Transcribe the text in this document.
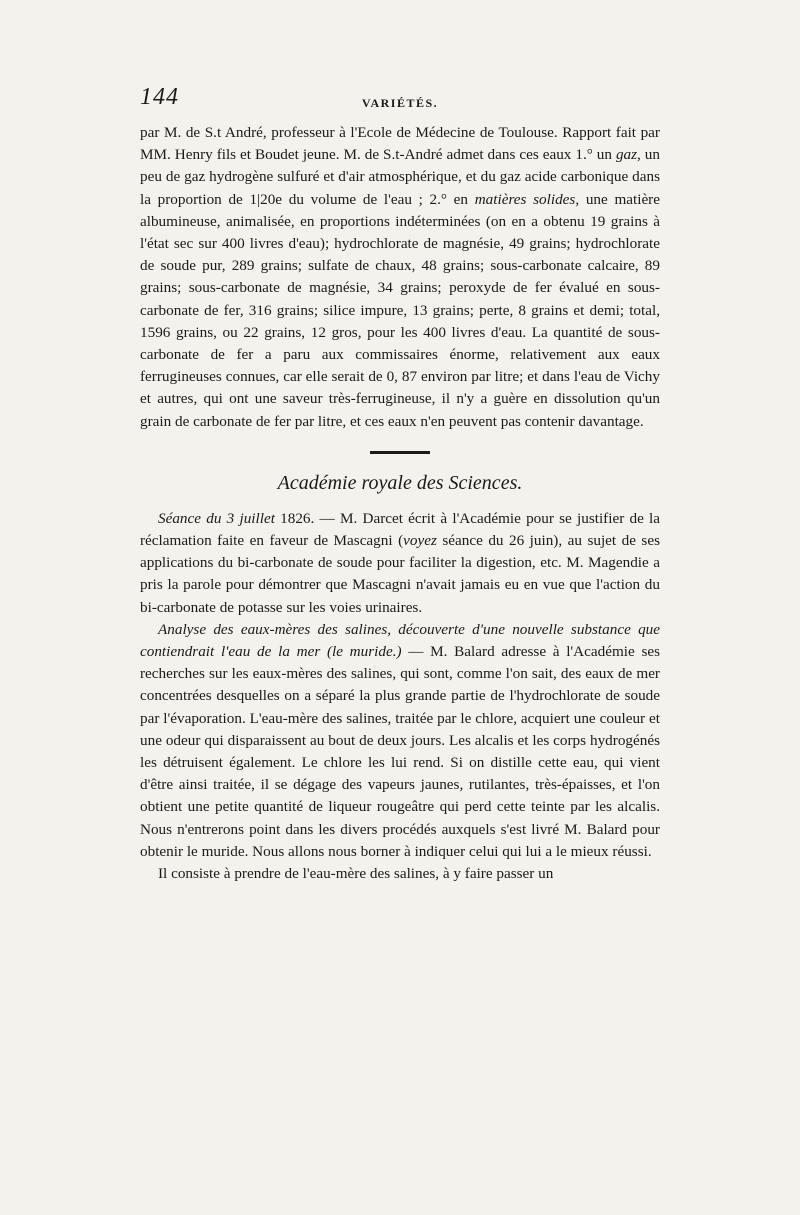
144	VARIÉTÉS.

par M. de S.t André, professeur à l'Ecole de Médecine de Toulouse. Rapport fait par MM. Henry fils et Boudet jeune. M. de S.t-André admet dans ces eaux 1.° un gaz, un peu de gaz hydrogène sulfuré et d'air atmosphérique, et du gaz acide carbonique dans la proportion de 1|20e du volume de l'eau ; 2.° en matières solides, une matière albumineuse, animalisée, en proportions indéterminées (on en a obtenu 19 grains à l'état sec sur 400 livres d'eau); hydrochlorate de magnésie, 49 grains; hydrochlorate de soude pur, 289 grains; sulfate de chaux, 48 grains; sous-carbonate calcaire, 89 grains; sous-carbonate de magnésie, 34 grains; peroxyde de fer évalué en sous-carbonate de fer, 316 grains; silice impure, 13 grains; perte, 8 grains et demi; total, 1596 grains, ou 22 grains, 12 gros, pour les 400 livres d'eau. La quantité de sous-carbonate de fer a paru aux commissaires énorme, relativement aux eaux ferrugineuses connues, car elle serait de 0, 87 environ par litre; et dans l'eau de Vichy et autres, qui ont une saveur très-ferrugineuse, il n'y a guère en dissolution qu'un grain de carbonate de fer par litre, et ces eaux n'en peuvent pas contenir davantage.

Académie royale des Sciences.

Séance du 3 juillet 1826. — M. Darcet écrit à l'Académie pour se justifier de la réclamation faite en faveur de Mascagni (voyez séance du 26 juin), au sujet de ses applications du bi-carbonate de soude pour faciliter la digestion, etc. M. Magendie a pris la parole pour démontrer que Mascagni n'avait jamais eu en vue que l'action du bi-carbonate de potasse sur les voies urinaires.

Analyse des eaux-mères des salines, découverte d'une nouvelle substance que contiendrait l'eau de la mer (le muride.) — M. Balard adresse à l'Académie ses recherches sur les eaux-mères des salines, qui sont, comme l'on sait, des eaux de mer concentrées desquelles on a séparé la plus grande partie de l'hydrochlorate de soude par l'évaporation. L'eau-mère des salines, traitée par le chlore, acquiert une couleur et une odeur qui disparaissent au bout de deux jours. Les alcalis et les corps hydrogénés les détruisent également. Le chlore les lui rend. Si on distille cette eau, qui vient d'être ainsi traitée, il se dégage des vapeurs jaunes, rutilantes, très-épaisses, et l'on obtient une petite quantité de liqueur rougeâtre qui perd cette teinte par les alcalis. Nous n'entrerons point dans les divers procédés auxquels s'est livré M. Balard pour obtenir le muride. Nous allons nous borner à indiquer celui qui lui a le mieux réussi.

Il consiste à prendre de l'eau-mère des salines, à y faire passer un
